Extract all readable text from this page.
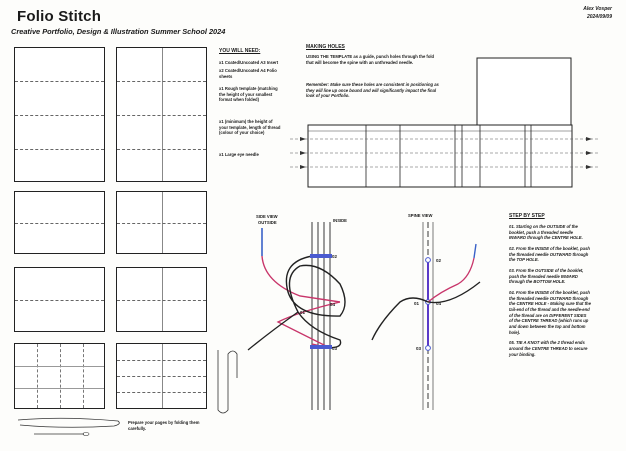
Folio Stitch
Creative Portfolio, Design & Illustration Summer School 2024
Alex Vosper
2024/09/09
Prepare your pages by folding them carefully.
YOU WILL NEED:
x1 Coated/Uncoated A3 Insert
x2 Coated/Uncoated A4 Folio sheets
x1 Rough template (matching the height of your smallest format when folded)
x1 (minimum) the height of your template, length of thread (colour of your choice)
x1 Large eye needle
MAKING HOLES
USING THE TEMPLATE as a guide, punch holes through the fold that will become the spine with an unthreaded needle.
Remember: Make sure these holes are consistent in positioning as they will line up once bound and will significantly impact the final look of your Portfolio.
SIDE VIEW
OUTSIDE	INSIDE
SPINE VIEW
02
04
01
03
02
01	04
03
STEP BY STEP

01. Starting on the OUTSIDE of the booklet, push a threaded needle INWARD through the CENTRE HOLE.

02. From the INSIDE of the booklet, push the threaded needle OUTWARD through the TOP HOLE.

03. From the OUTSIDE of the booklet, push the threaded needle INWARD through the BOTTOM HOLE.

04. From the INSIDE of the booklet, push the threaded needle OUTWARD through the CENTRE HOLE - Making sure that the tail-end of the thread and the needle-end of the thread are on DIFFERENT SIDES of the CENTRE THREAD (which runs up and down between the top and bottom hole).

05. TIE A KNOT with the 2 thread ends around the CENTRE THREAD to secure your binding.
